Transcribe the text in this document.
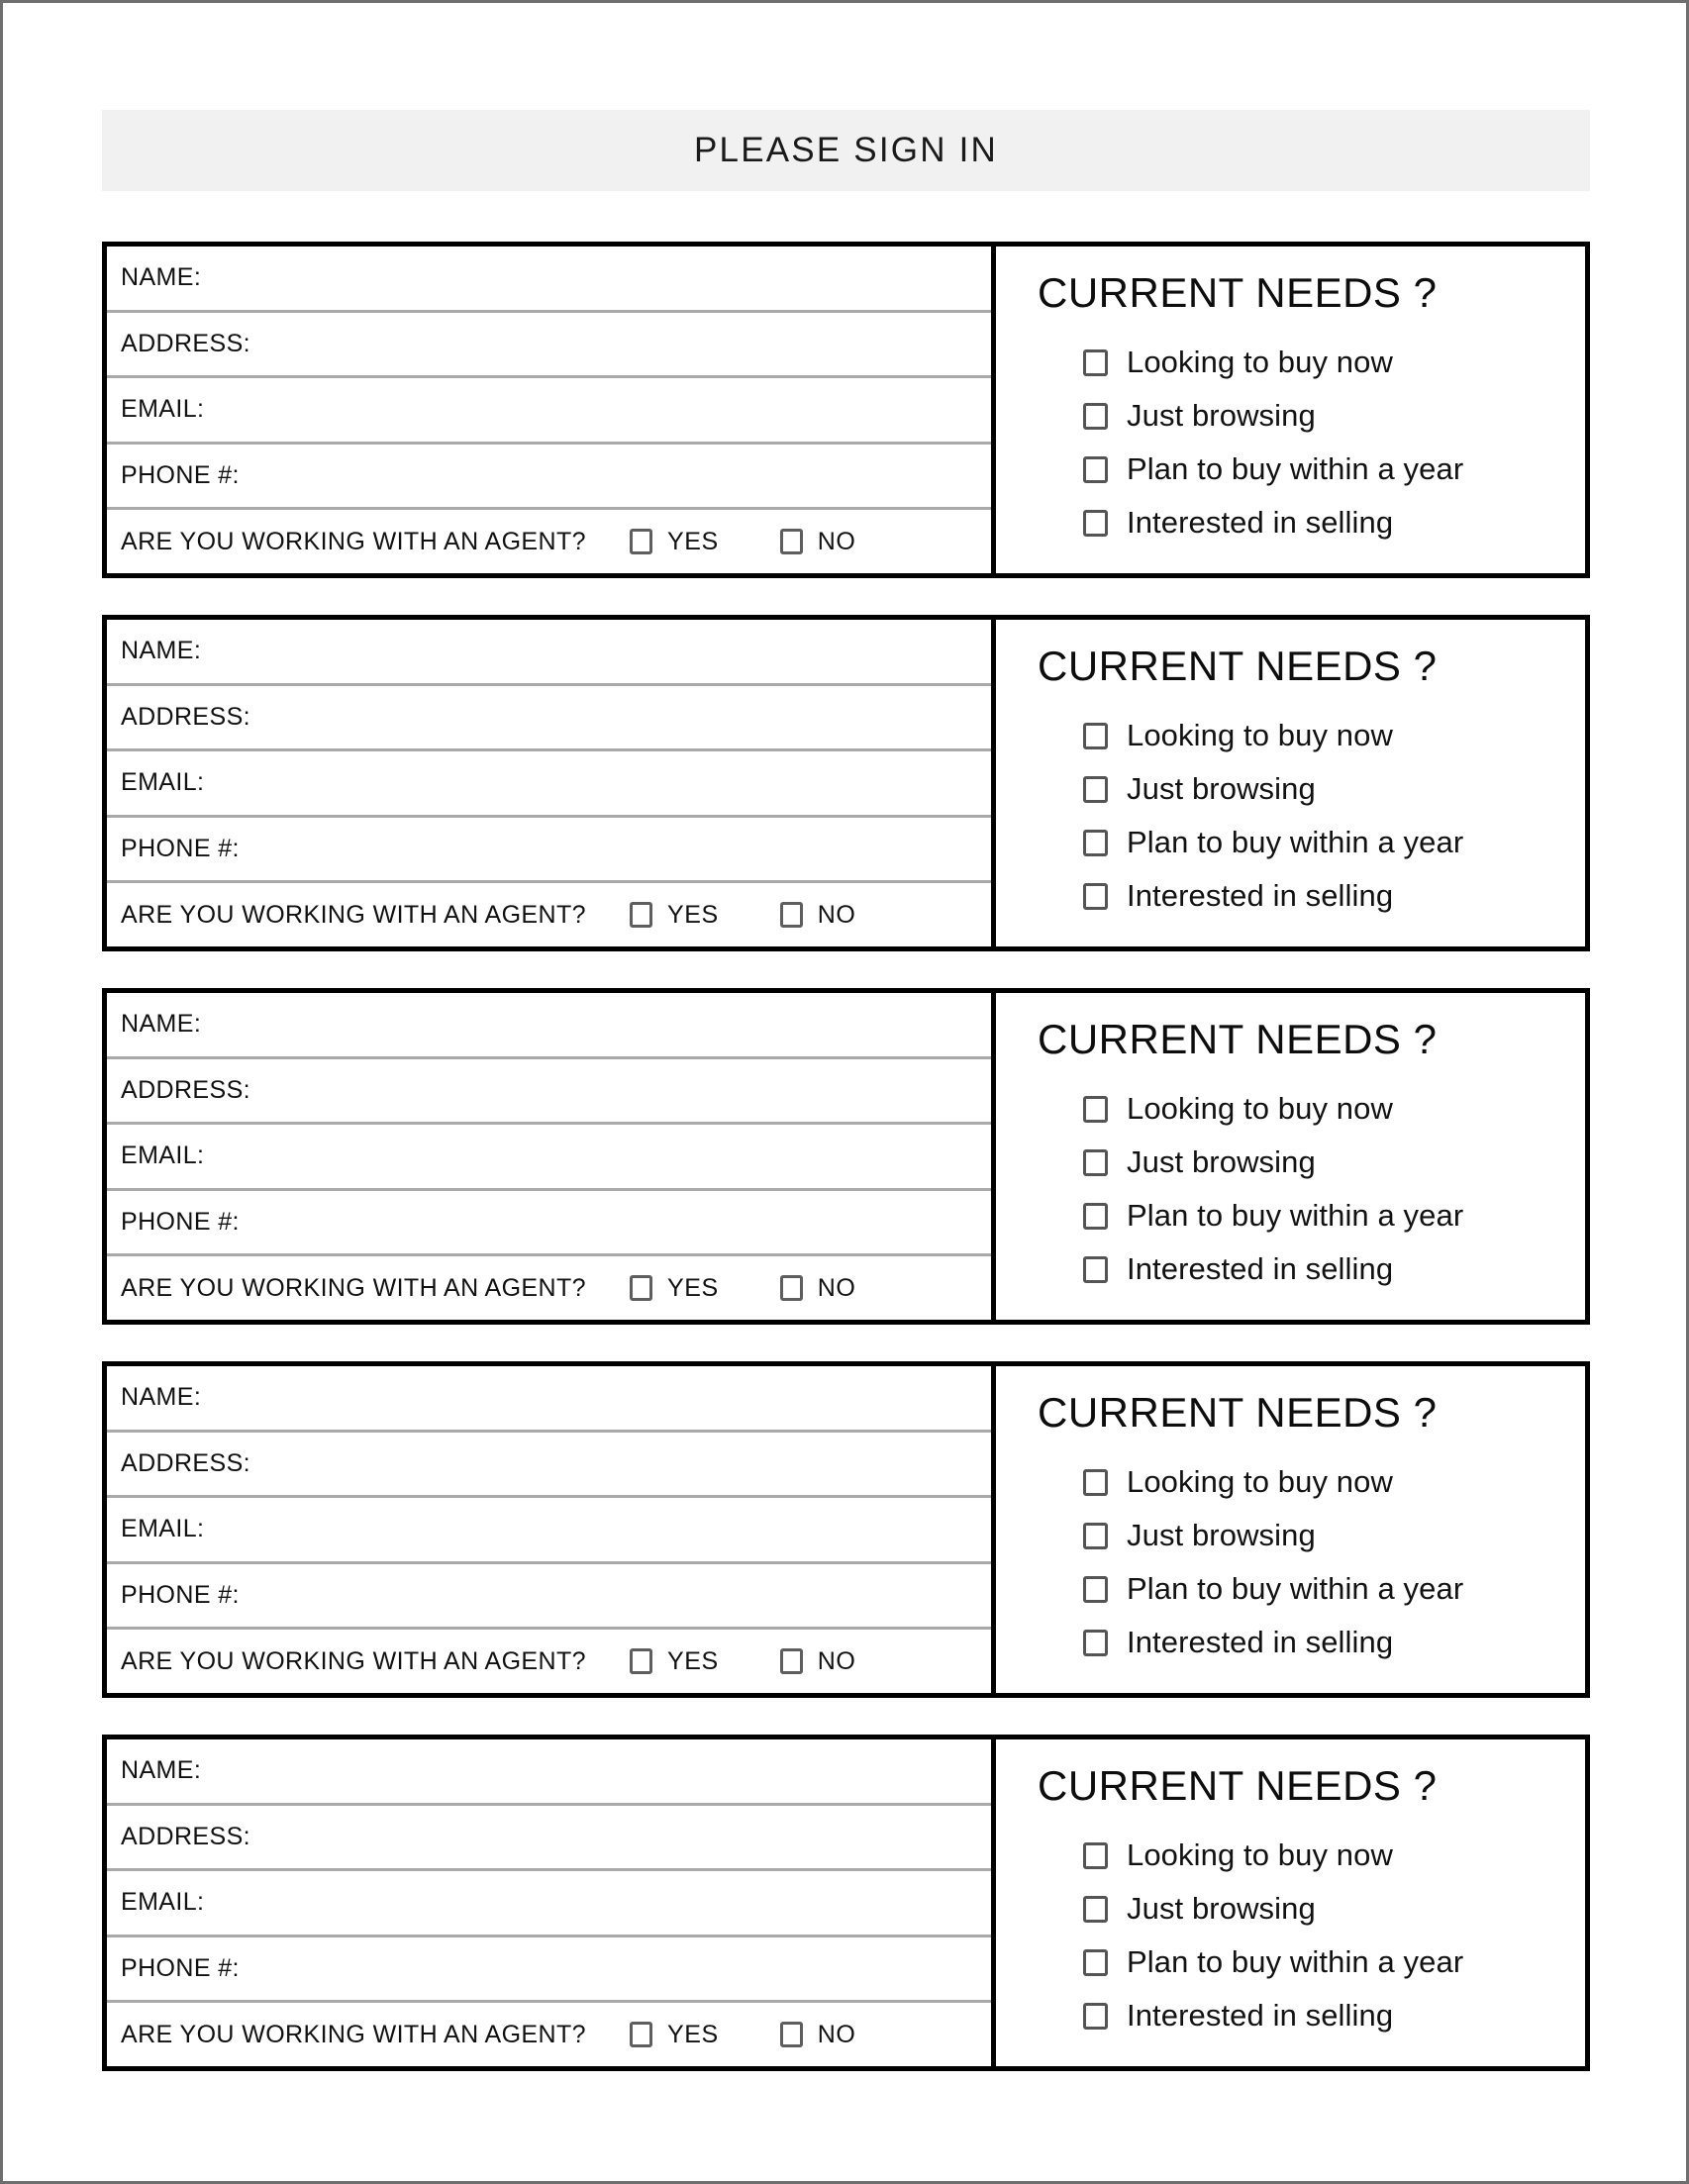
PLEASE SIGN IN
NAME:
ADDRESS:
EMAIL:
PHONE #:
ARE YOU WORKING WITH AN AGENT?	YES	NO
CURRENT NEEDS ?
Looking to buy now
Just browsing
Plan to buy within a year
Interested in selling
NAME:
ADDRESS:
EMAIL:
PHONE #:
ARE YOU WORKING WITH AN AGENT?	YES	NO
CURRENT NEEDS ?
Looking to buy now
Just browsing
Plan to buy within a year
Interested in selling
NAME:
ADDRESS:
EMAIL:
PHONE #:
ARE YOU WORKING WITH AN AGENT?	YES	NO
CURRENT NEEDS ?
Looking to buy now
Just browsing
Plan to buy within a year
Interested in selling
NAME:
ADDRESS:
EMAIL:
PHONE #:
ARE YOU WORKING WITH AN AGENT?	YES	NO
CURRENT NEEDS ?
Looking to buy now
Just browsing
Plan to buy within a year
Interested in selling
NAME:
ADDRESS:
EMAIL:
PHONE #:
ARE YOU WORKING WITH AN AGENT?	YES	NO
CURRENT NEEDS ?
Looking to buy now
Just browsing
Plan to buy within a year
Interested in selling
